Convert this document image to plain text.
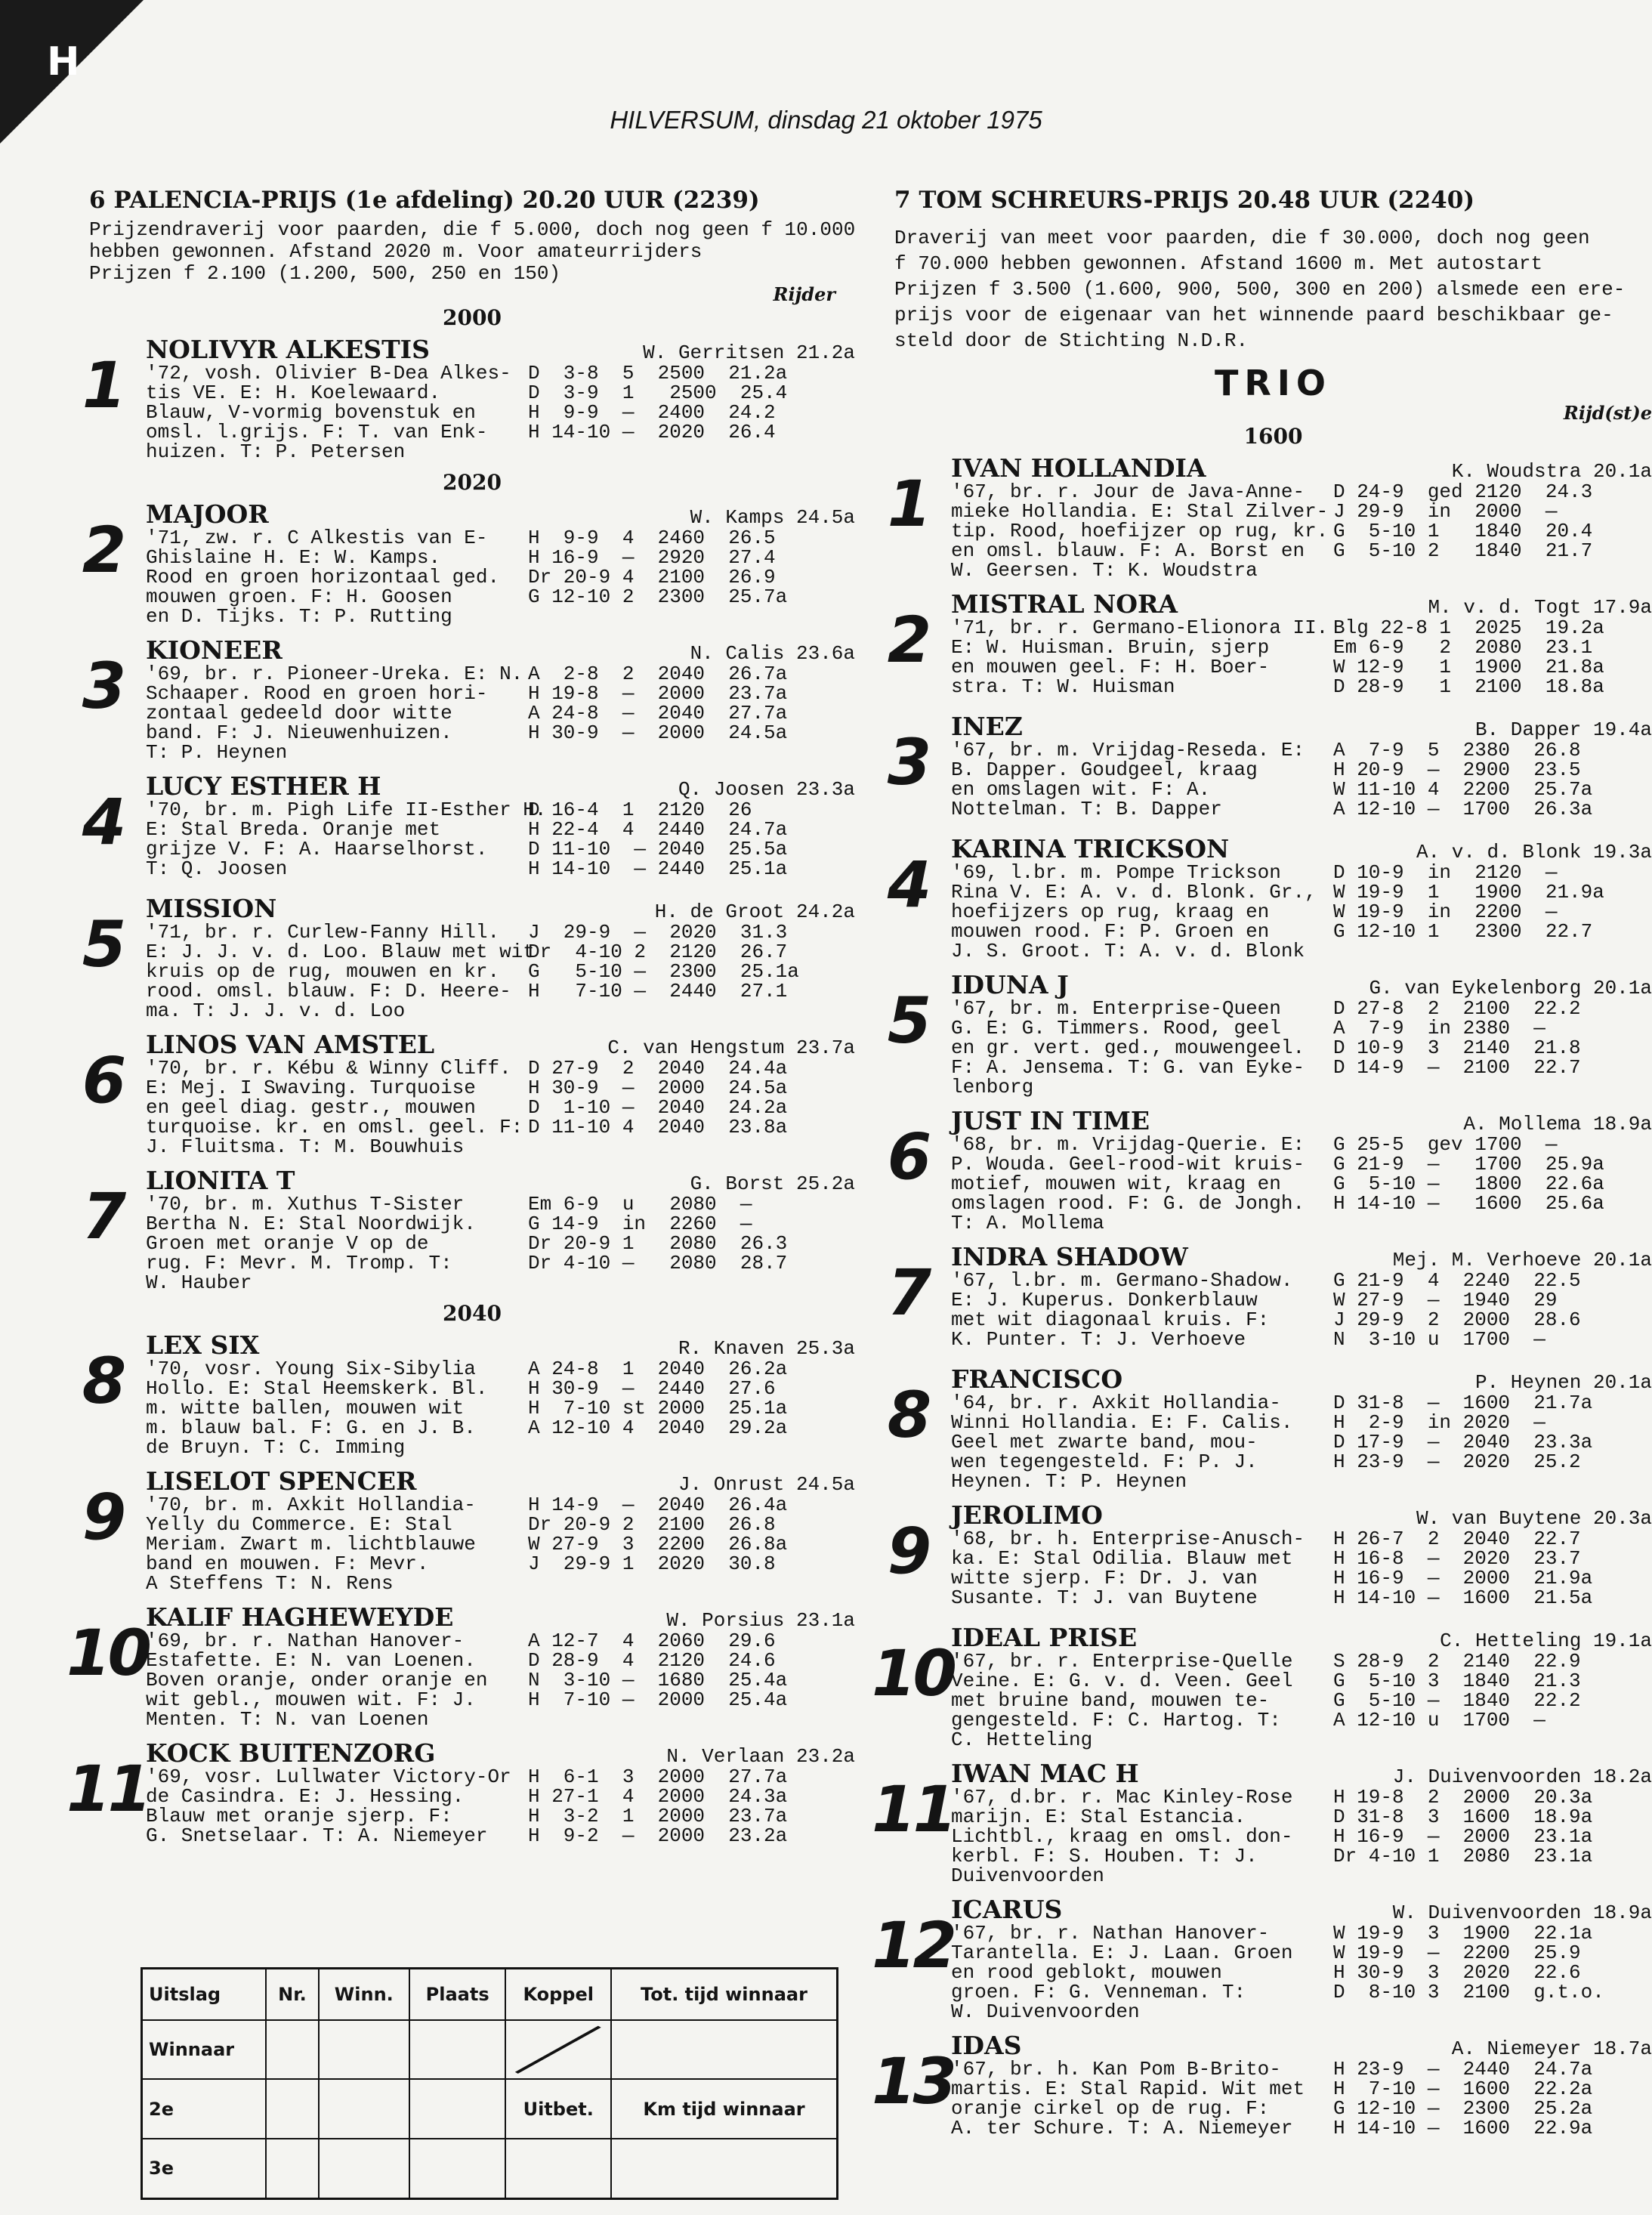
H
HILVERSUM, dinsdag 21 oktober 1975
6 PALENCIA-PRIJS (1e afdeling) 20.20 UUR (2239)
Prijzendraverij voor paarden, die f 5.000, doch nog geen f 10.000
hebben gewonnen. Afstand 2020 m. Voor amateurrijders
Prijzen f 2.100 (1.200, 500, 250 en 150)
Rijder
2000
1 NOLIVYR ALKESTIS	W. Gerritsen 21.2a
'72, vosh. Olivier B-Dea Alkes-
tis VE. E: H. Koelewaard.
Blauw, V-vormig bovenstuk en
omsl. l.grijs. F: T. van Enk-
huizen. T: P. Petersen
D  3-8  5  2500  21.2a
D  3-9  1   2500  25.4
H  9-9  —  2400  24.2
H 14-10 —  2020  26.4
2020
2 MAJOOR	W. Kamps 24.5a
'71, zw. r. C Alkestis van E-
Ghislaine H. E: W. Kamps.
Rood en groen horizontaal ged.
mouwen groen. F: H. Goosen
en D. Tijks. T: P. Rutting
H  9-9  4  2460  26.5
H 16-9  —  2920  27.4
Dr 20-9 4  2100  26.9
G 12-10 2  2300  25.7a
3 KIONEER	N. Calis 23.6a
'69, br. r. Pioneer-Ureka. E: N.
Schaaper. Rood en groen hori-
zontaal gedeeld door witte
band. F: J. Nieuwenhuizen.
T: P. Heynen
A  2-8  2  2040  26.7a
H 19-8  —  2000  23.7a
A 24-8  —  2040  27.7a
H 30-9  —  2000  24.5a
4 LUCY ESTHER H	Q. Joosen 23.3a
'70, br. m. Pigh Life II-Esther H.
E: Stal Breda. Oranje met
grijze V. F: A. Haarselhorst.
T: Q. Joosen
D 16-4  1  2120  26
H 22-4  4  2440  24.7a
D 11-10  — 2040  25.5a
H 14-10  — 2440  25.1a
5 MISSION	H. de Groot 24.2a
'71, br. r. Curlew-Fanny Hill.
E: J. J. v. d. Loo. Blauw met wit
kruis op de rug, mouwen en kr.
rood. omsl. blauw. F: D. Heere-
ma. T: J. J. v. d. Loo
J  29-9  —  2020  31.3
Dr  4-10 2  2120  26.7
G   5-10 —  2300  25.1a
H   7-10 —  2440  27.1
6 LINOS VAN AMSTEL	C. van Hengstum 23.7a
'70, br. r. Kébu & Winny Cliff.
E: Mej. I Swaving. Turquoise
en geel diag. gestr., mouwen
turquoise. kr. en omsl. geel. F:
J. Fluitsma. T: M. Bouwhuis
D 27-9  2  2040  24.4a
H 30-9  —  2000  24.5a
D  1-10 —  2040  24.2a
D 11-10 4  2040  23.8a
7 LIONITA T	G. Borst 25.2a
'70, br. m. Xuthus T-Sister
Bertha N. E: Stal Noordwijk.
Groen met oranje V op de
rug. F: Mevr. M. Tromp. T:
W. Hauber
Em 6-9  u   2080  —
G 14-9  in  2260  —
Dr 20-9 1   2080  26.3
Dr 4-10 —   2080  28.7
2040
8 LEX SIX	R. Knaven 25.3a
'70, vosr. Young Six-Sibylia
Hollo. E: Stal Heemskerk. Bl.
m. witte ballen, mouwen wit
m. blauw bal. F: G. en J. B.
de Bruyn. T: C. Imming
A 24-8  1  2040  26.2a
H 30-9  —  2440  27.6
H  7-10 st 2000  25.1a
A 12-10 4  2040  29.2a
9 LISELOT SPENCER	J. Onrust 24.5a
'70, br. m. Axkit Hollandia-
Yelly du Commerce. E: Stal
Meriam. Zwart m. lichtblauwe
band en mouwen. F: Mevr.
A Steffens T: N. Rens
H 14-9  —  2040  26.4a
Dr 20-9 2  2100  26.8
W 27-9  3  2200  26.8a
J  29-9 1  2020  30.8
10
KALIF HAGHEWEYDE	W. Porsius 23.1a
'69, br. r. Nathan Hanover-
Estafette. E: N. van Loenen.
Boven oranje, onder oranje en
wit gebl., mouwen wit. F: J.
Menten. T: N. van Loenen
A 12-7  4  2060  29.6
D 28-9  4  2120  24.6
N  3-10 —  1680  25.4a
H  7-10 —  2000  25.4a
11
KOCK BUITENZORG	N. Verlaan 23.2a
'69, vosr. Lullwater Victory-Or
de Casindra. E: J. Hessing.
Blauw met oranje sjerp. F:
G. Snetselaar. T: A. Niemeyer
H  6-1  3  2000  27.7a
H 27-1  4  2000  24.3a
H  3-2  1  2000  23.7a
H  9-2  —  2000  23.2a
7 TOM SCHREURS-PRIJS 20.48 UUR (2240)
Draverij van meet voor paarden, die f 30.000, doch nog geen
f 70.000 hebben gewonnen. Afstand 1600 m. Met autostart
Prijzen f 3.500 (1.600, 900, 500, 300 en 200) alsmede een ere-
prijs voor de eigenaar van het winnende paard beschikbaar ge-
steld door de Stichting N.D.R.
TRIO
Rijd(st)e
1600
1 IVAN HOLLANDIA	K. Woudstra 20.1a
'67, br. r. Jour de Java-Anne-
mieke Hollandia. E: Stal Zilver-
tip. Rood, hoefijzer op rug, kr.
en omsl. blauw. F: A. Borst en
W. Geersen. T: K. Woudstra
D 24-9  ged 2120  24.3
J 29-9  in  2000  —
G  5-10 1   1840  20.4
G  5-10 2   1840  21.7
2 MISTRAL NORA	M. v. d. Togt 17.9a
'71, br. r. Germano-Elionora II.
E: W. Huisman. Bruin, sjerp
en mouwen geel. F: H. Boer-
stra. T: W. Huisman
Blg 22-8 1  2025  19.2a
Em 6-9   2  2080  23.1
W 12-9   1  1900  21.8a
D 28-9   1  2100  18.8a
3 INEZ	B. Dapper 19.4a
'67, br. m. Vrijdag-Reseda. E:
B. Dapper. Goudgeel, kraag
en omslagen wit. F: A.
Nottelman. T: B. Dapper
A  7-9  5  2380  26.8
H 20-9  —  2900  23.5
W 11-10 4  2200  25.7a
A 12-10 —  1700  26.3a
4 KARINA TRICKSON	A. v. d. Blonk 19.3a
'69, l.br. m. Pompe Trickson
Rina V. E: A. v. d. Blonk. Gr.,
hoefijzers op rug, kraag en
mouwen rood. F: P. Groen en
J. S. Groot. T: A. v. d. Blonk
D 10-9  in  2120  —
W 19-9  1   1900  21.9a
W 19-9  in  2200  —
G 12-10 1   2300  22.7
5 IDUNA J	G. van Eykelenborg 20.1a
'67, br. m. Enterprise-Queen
G. E: G. Timmers. Rood, geel
en gr. vert. ged., mouwengeel.
F: A. Jensema. T: G. van Eyke-
lenborg
D 27-8  2  2100  22.2
A  7-9  in 2380  —
D 10-9  3  2140  21.8
D 14-9  —  2100  22.7
6 JUST IN TIME	A. Mollema 18.9a
'68, br. m. Vrijdag-Querie. E:
P. Wouda. Geel-rood-wit kruis-
motief, mouwen wit, kraag en
omslagen rood. F: G. de Jongh.
T: A. Mollema
G 25-5  gev 1700  —
G 21-9  —   1700  25.9a
G  5-10 —   1800  22.6a
H 14-10 —   1600  25.6a
7 INDRA SHADOW	Mej. M. Verhoeve 20.1a
'67, l.br. m. Germano-Shadow.
E: J. Kuperus. Donkerblauw
met wit diagonaal kruis. F:
K. Punter. T: J. Verhoeve
G 21-9  4  2240  22.5
W 27-9  —  1940  29
J 29-9  2  2000  28.6
N  3-10 u  1700  —
8 FRANCISCO	P. Heynen 20.1a
'64, br. r. Axkit Hollandia-
Winni Hollandia. E: F. Calis.
Geel met zwarte band, mou-
wen tegengesteld. F: P. J.
Heynen. T: P. Heynen
D 31-8  —  1600  21.7a
H  2-9  in 2020  —
D 17-9  —  2040  23.3a
H 23-9  —  2020  25.2
9 JEROLIMO	W. van Buytene 20.3a
'68, br. h. Enterprise-Anusch-
ka. E: Stal Odilia. Blauw met
witte sjerp. F: Dr. J. van
Susante. T: J. van Buytene
H 26-7  2  2040  22.7
H 16-8  —  2020  23.7
H 16-9  —  2000  21.9a
H 14-10 —  1600  21.5a
10
IDEAL PRISE	C. Hetteling 19.1a
'67, br. r. Enterprise-Quelle
Veine. E: G. v. d. Veen. Geel
met bruine band, mouwen te-
gengesteld. F: C. Hartog. T:
C. Hetteling
S 28-9  2  2140  22.9
G  5-10 3  1840  21.3
G  5-10 —  1840  22.2
A 12-10 u  1700  —
11
IWAN MAC H	J. Duivenvoorden 18.2a
'67, d.br. r. Mac Kinley-Rose
marijn. E: Stal Estancia.
Lichtbl., kraag en omsl. don-
kerbl. F: S. Houben. T: J.
Duivenvoorden
H 19-8  2  2000  20.3a
D 31-8  3  1600  18.9a
H 16-9  —  2000  23.1a
Dr 4-10 1  2080  23.1a
12
ICARUS	W. Duivenvoorden 18.9a
'67, br. r. Nathan Hanover-
Tarantella. E: J. Laan. Groen
en rood geblokt, mouwen
groen. F: G. Venneman. T:
W. Duivenvoorden
W 19-9  3  1900  22.1a
W 19-9  —  2200  25.9
H 30-9  3  2020  22.6
D  8-10 3  2100  g.t.o.
13
IDAS	A. Niemeyer 18.7a
'67, br. h. Kan Pom B-Brito-
martis. E: Stal Rapid. Wit met
oranje cirkel op de rug. F:
A. ter Schure. T: A. Niemeyer
H 23-9  —  2440  24.7a
H  7-10 —  1600  22.2a
G 12-10 —  2300  25.2a
H 14-10 —  1600  22.9a
Uitslag	Nr.	Winn.	Plaats	Koppel	Tot. tijd winnaar
Winnaar				

2e				Uitbet.	Km tijd winnaar
3e					
